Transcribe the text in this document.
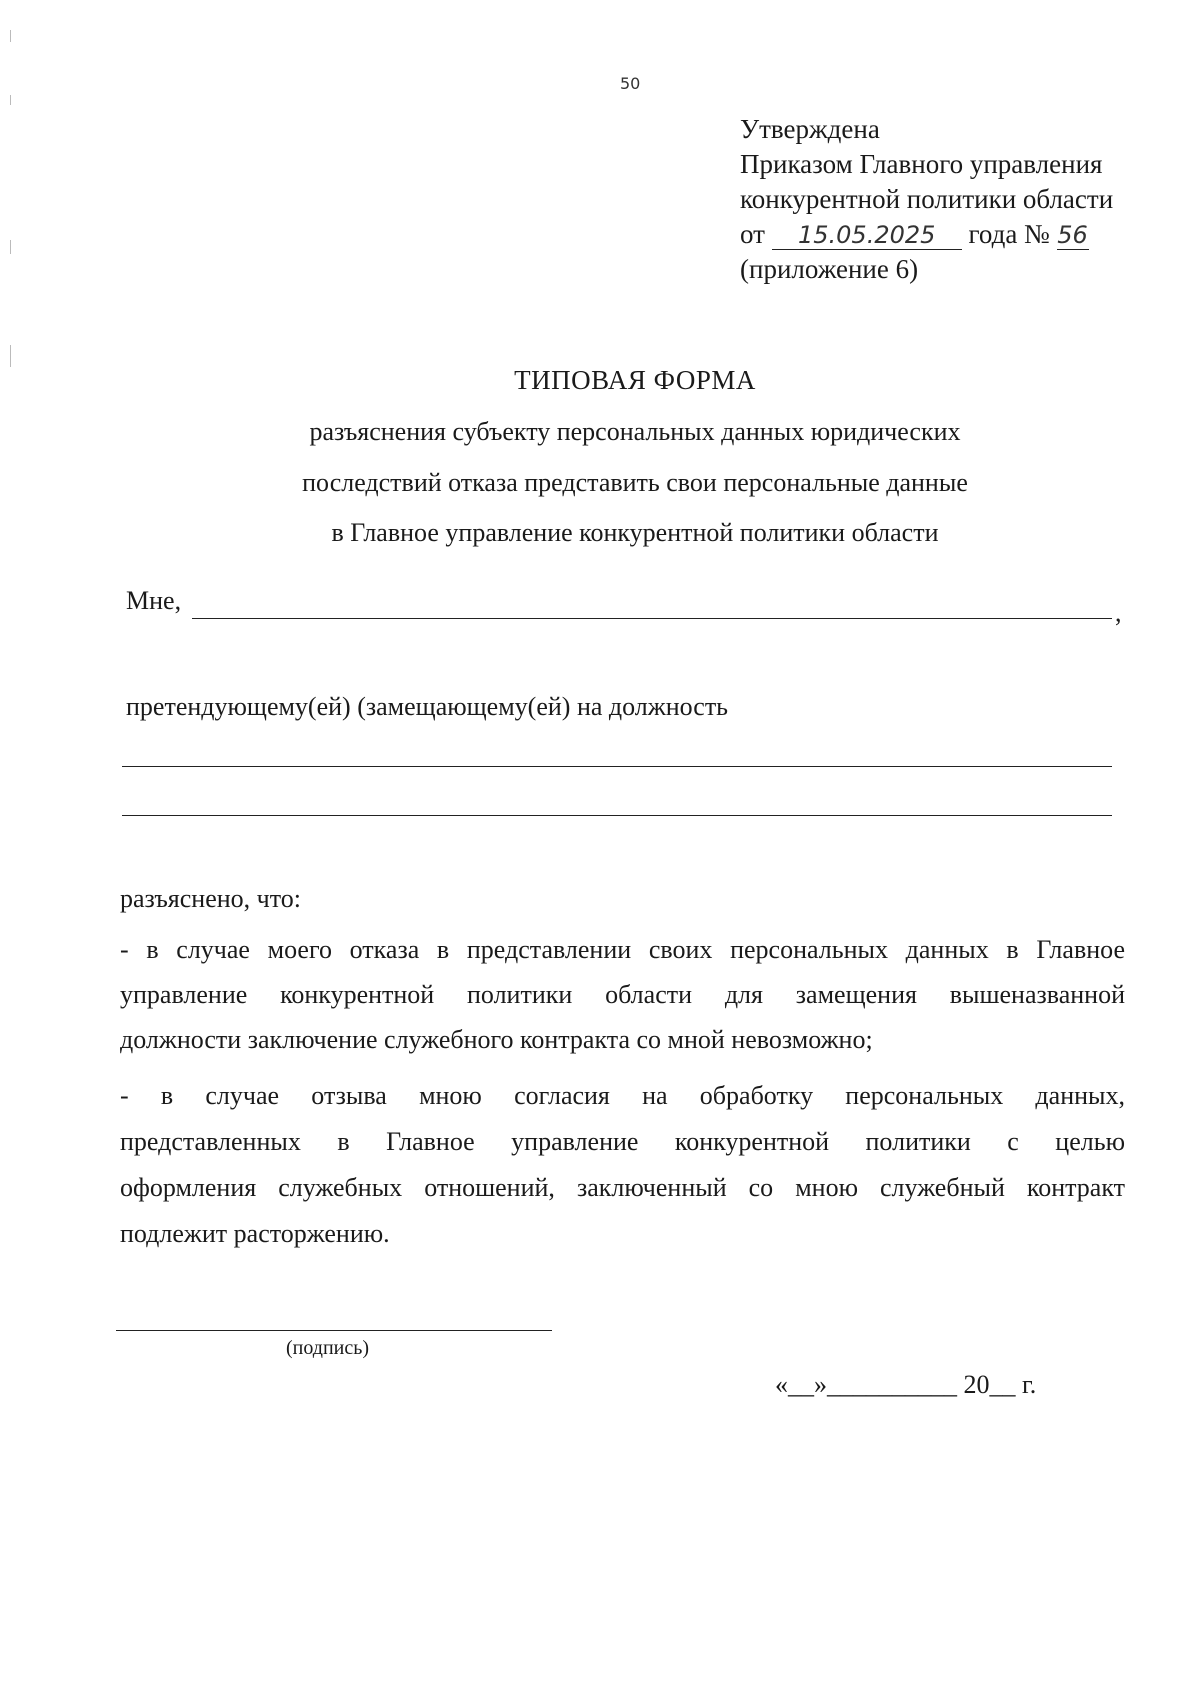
50
Утверждена
Приказом Главного управления
конкурентной политики области
от 15.05.2025 года № 56
(приложение 6)
ТИПОВАЯ ФОРМА
разъяснения субъекту персональных данных юридических
последствий отказа представить свои персональные данные
в Главное управление конкурентной политики области
Мне,	,
претендующему(ей) (замещающему(ей) на должность
разъяснено, что:
- в случае моего отказа в представлении своих персональных данных в Главное
управление конкурентной политики области для замещения вышеназванной
должности заключение служебного контракта со мной невозможно;
- в случае отзыва мною согласия на обработку персональных данных,
представленных в Главное управление конкурентной политики с целью
оформления служебных отношений, заключенный со мною служебный контракт
подлежит расторжению.
(подпись)
«__»__________ 20__ г.
